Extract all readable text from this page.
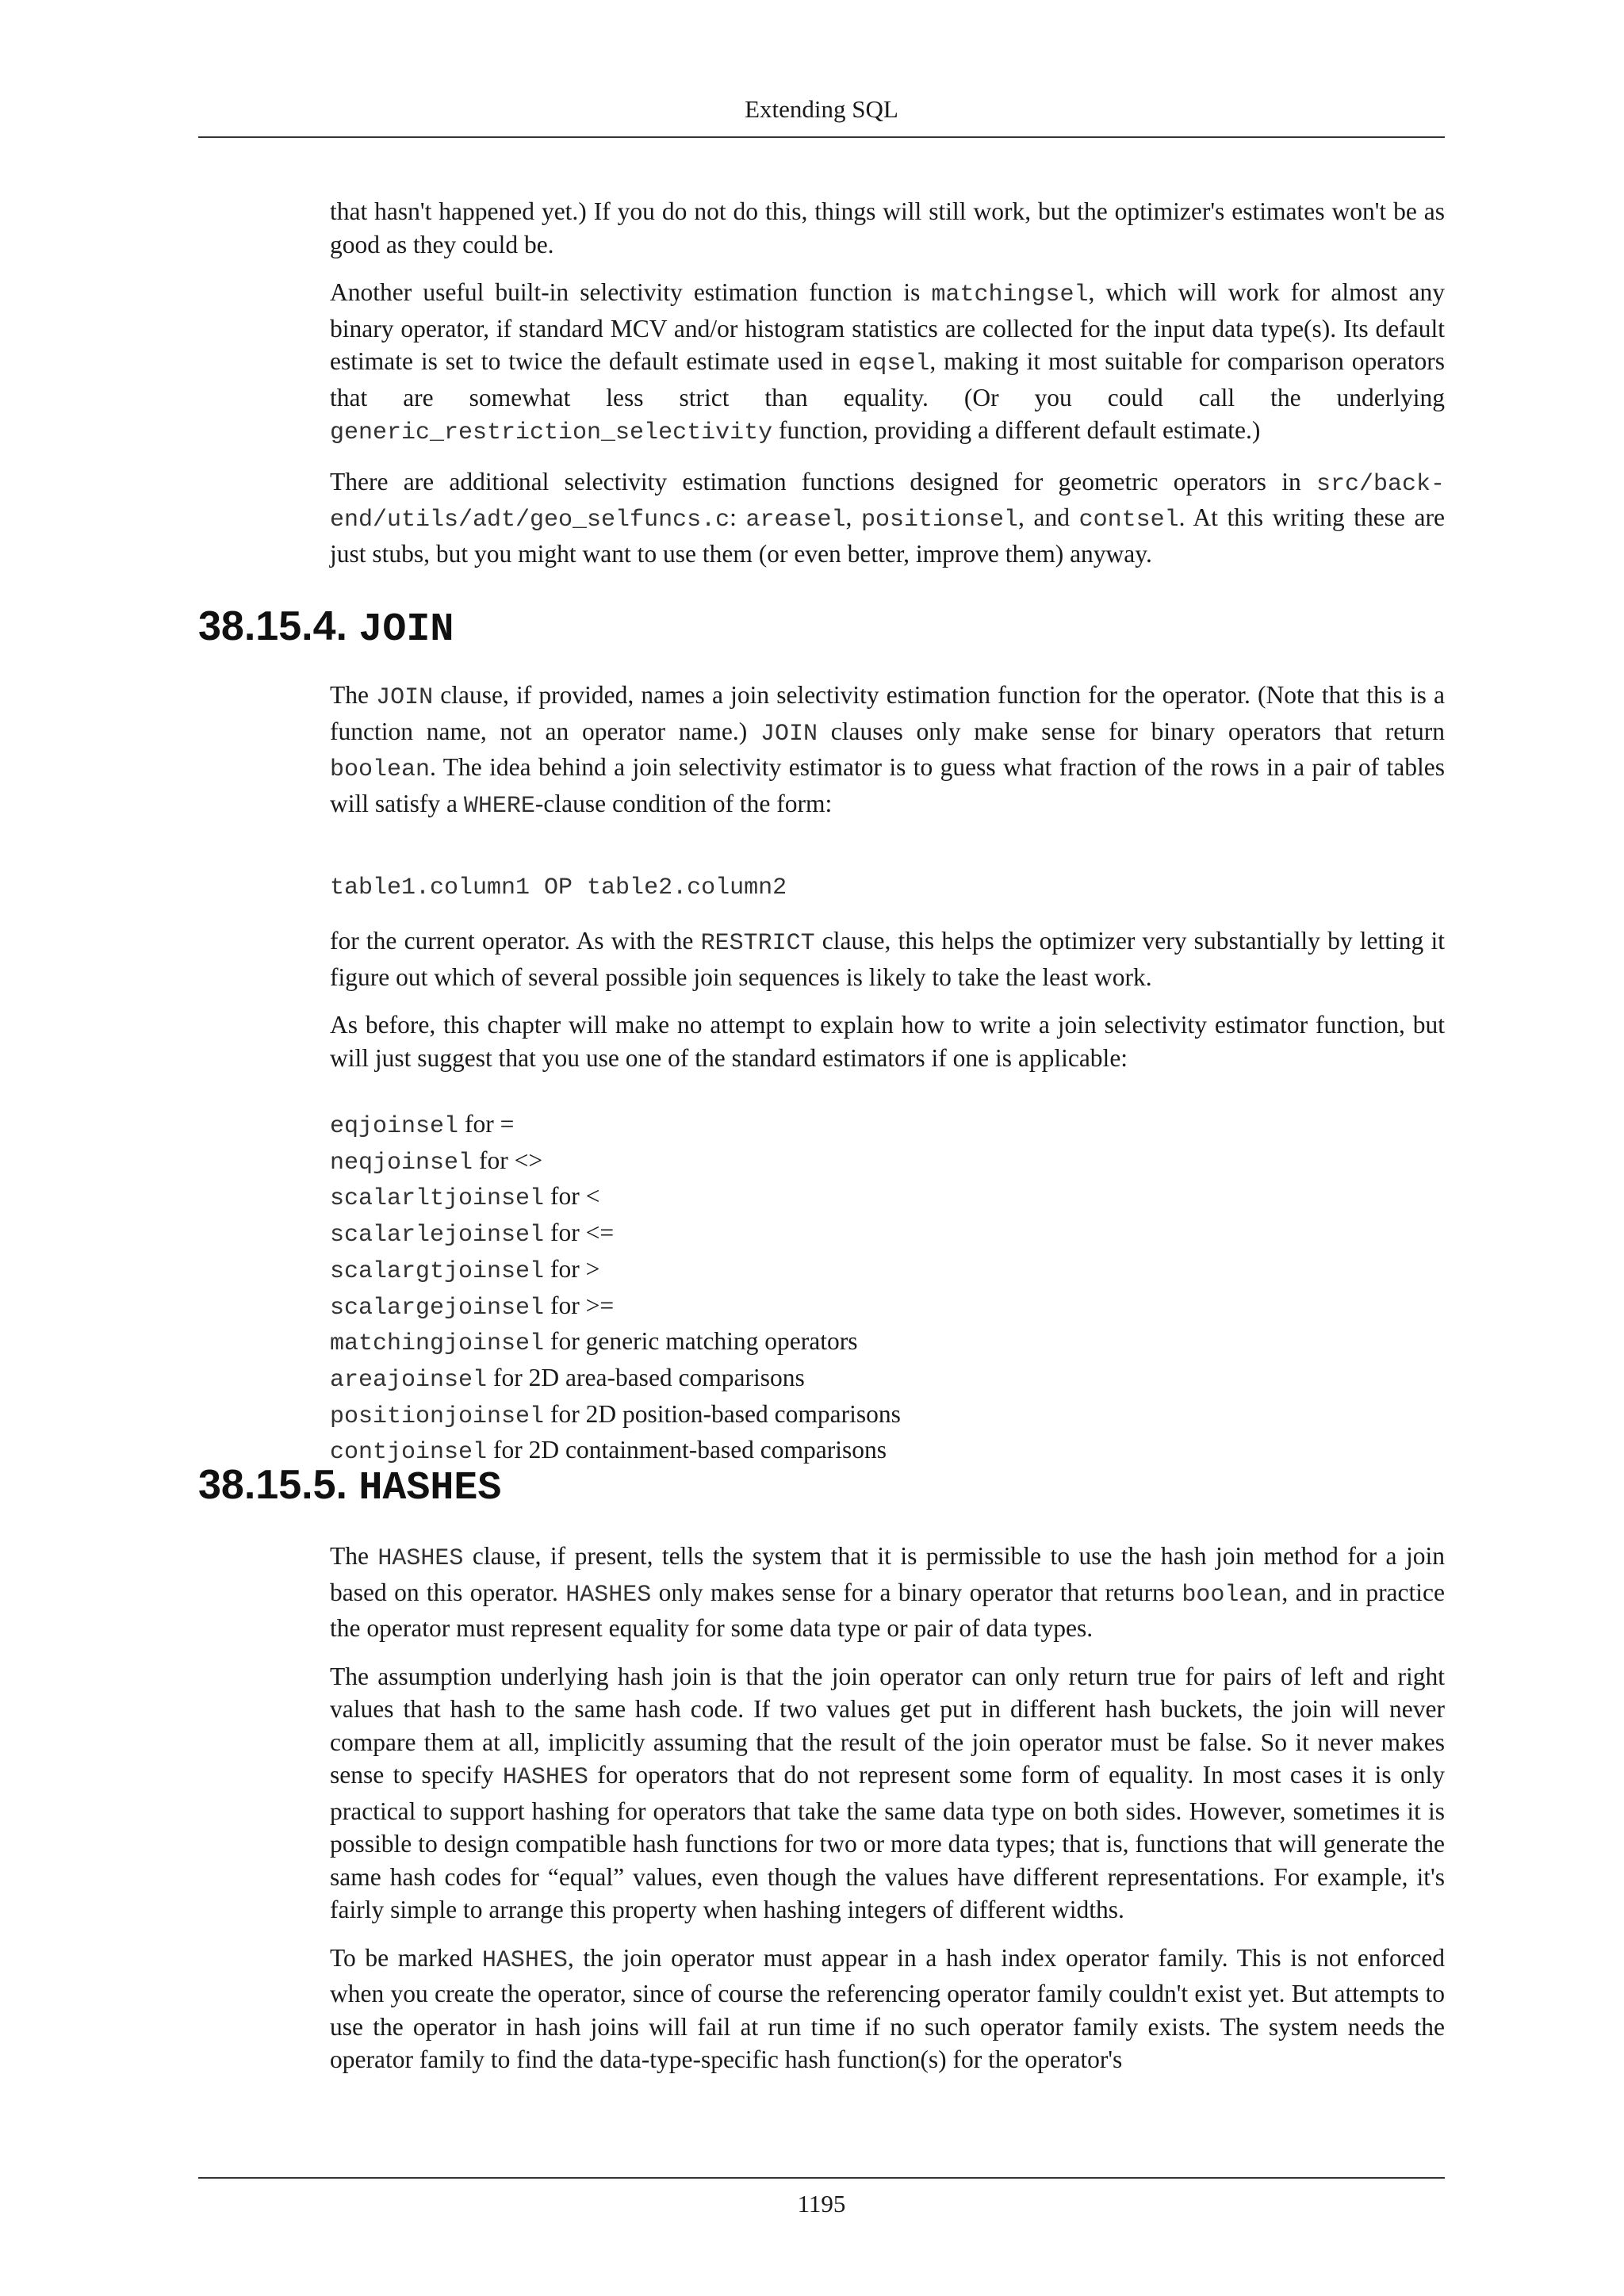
Extending SQL

that hasn't happened yet.) If you do not do this, things will still work, but the optimizer's estimates won't be as good as they could be.

Another useful built-in selectivity estimation function is matchingsel, which will work for almost any binary operator, if standard MCV and/or histogram statistics are collected for the input data type(s). Its default estimate is set to twice the default estimate used in eqsel, making it most suitable for comparison operators that are somewhat less strict than equality. (Or you could call the underlying generic_restriction_selectivity function, providing a different default estimate.)

There are additional selectivity estimation functions designed for geometric operators in src/back-end/utils/adt/geo_selfuncs.c: areasel, positionsel, and contsel. At this writing these are just stubs, but you might want to use them (or even better, improve them) anyway.

38.15.4. JOIN

The JOIN clause, if provided, names a join selectivity estimation function for the operator. (Note that this is a function name, not an operator name.) JOIN clauses only make sense for binary operators that return boolean. The idea behind a join selectivity estimator is to guess what fraction of the rows in a pair of tables will satisfy a WHERE-clause condition of the form:

table1.column1 OP table2.column2

for the current operator. As with the RESTRICT clause, this helps the optimizer very substantially by letting it figure out which of several possible join sequences is likely to take the least work.

As before, this chapter will make no attempt to explain how to write a join selectivity estimator function, but will just suggest that you use one of the standard estimators if one is applicable:

eqjoinsel for =
neqjoinsel for <>
scalarltjoinsel for <
scalarlejoinsel for <=
scalargtjoinsel for >
scalargejoinsel for >=
matchingjoinsel for generic matching operators
areajoinsel for 2D area-based comparisons
positionjoinsel for 2D position-based comparisons
contjoinsel for 2D containment-based comparisons
38.15.5. HASHES

The HASHES clause, if present, tells the system that it is permissible to use the hash join method for a join based on this operator. HASHES only makes sense for a binary operator that returns boolean, and in practice the operator must represent equality for some data type or pair of data types.

The assumption underlying hash join is that the join operator can only return true for pairs of left and right values that hash to the same hash code. If two values get put in different hash buckets, the join will never compare them at all, implicitly assuming that the result of the join operator must be false. So it never makes sense to specify HASHES for operators that do not represent some form of equality. In most cases it is only practical to support hashing for operators that take the same data type on both sides. However, sometimes it is possible to design compatible hash functions for two or more data types; that is, functions that will generate the same hash codes for “equal” values, even though the values have different representations. For example, it's fairly simple to arrange this property when hashing integers of different widths.

To be marked HASHES, the join operator must appear in a hash index operator family. This is not enforced when you create the operator, since of course the referencing operator family couldn't exist yet. But attempts to use the operator in hash joins will fail at run time if no such operator family exists. The system needs the operator family to find the data-type-specific hash function(s) for the operator's

1195
